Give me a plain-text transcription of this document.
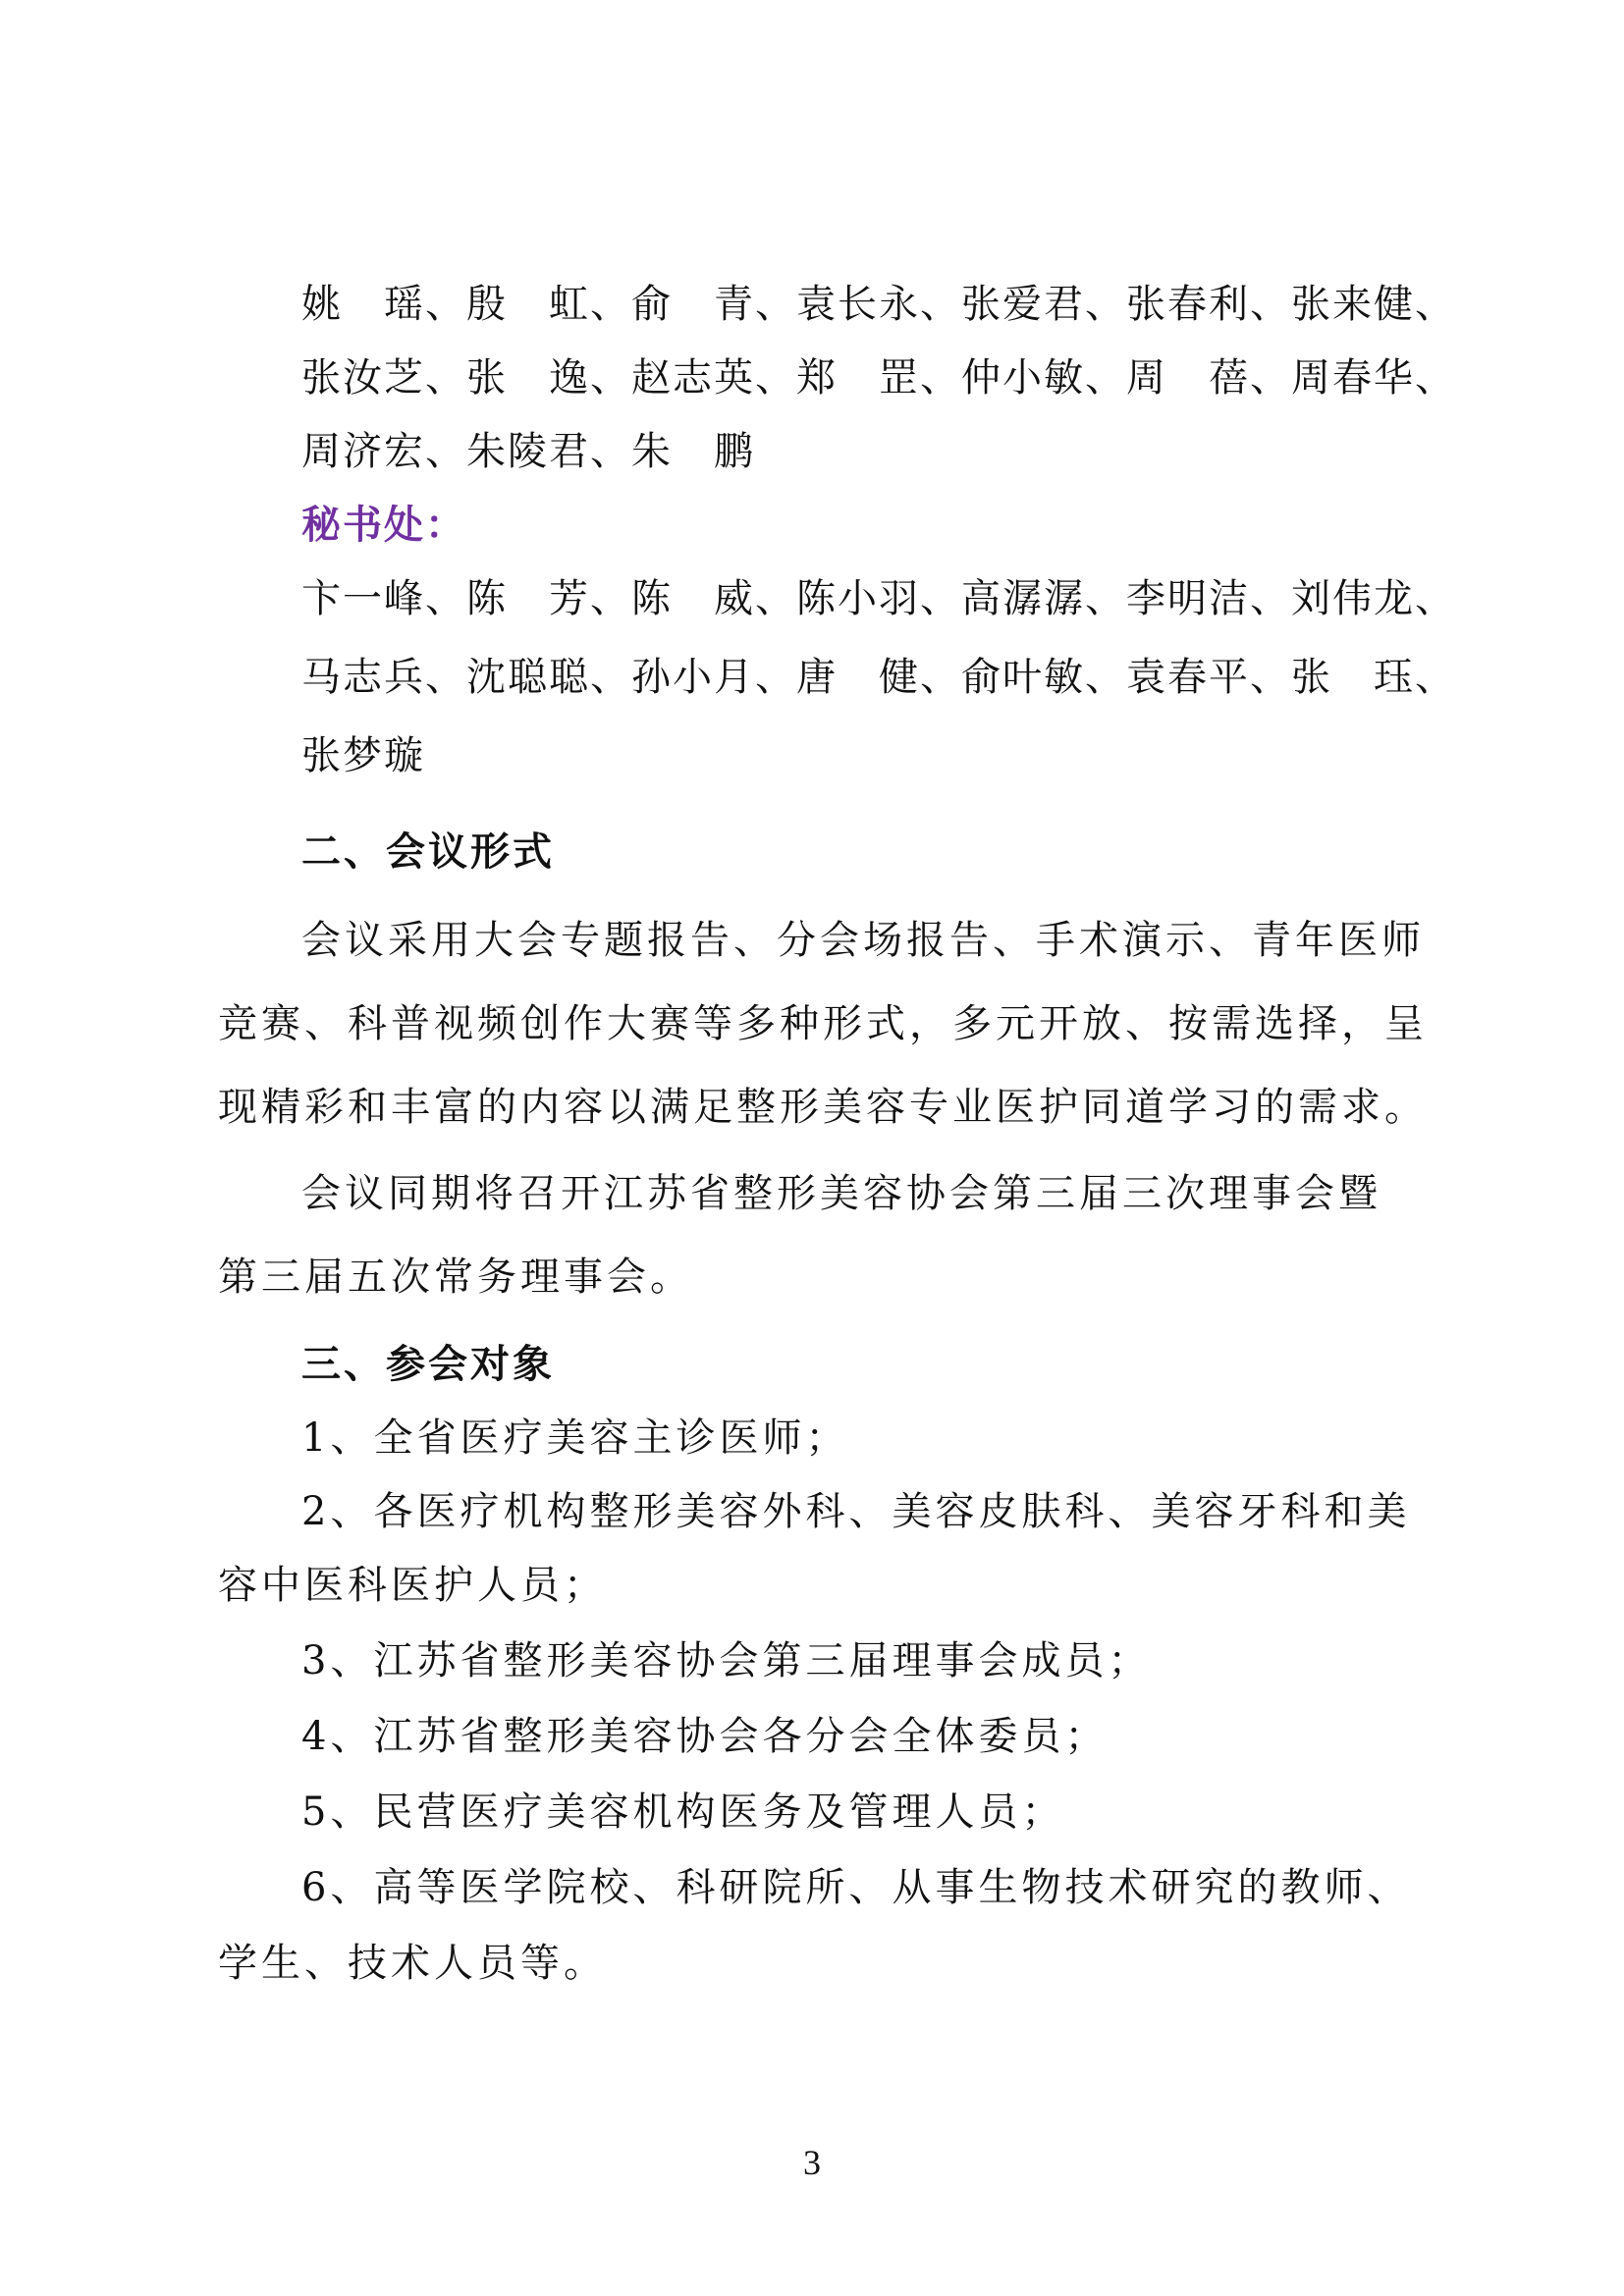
姚　瑶、殷　虹、俞　青、袁长永、张爱君、张春利、张来健、
张汝芝、张　逸、赵志英、郑　罡、仲小敏、周　蓓、周春华、
周济宏、朱陵君、朱　鹏
秘书处：
卞一峰、陈　芳、陈　威、陈小羽、高潺潺、李明洁、刘伟龙、
马志兵、沈聪聪、孙小月、唐　健、俞叶敏、袁春平、张　珏、
张梦璇
二、会议形式
会议采用大会专题报告、分会场报告、手术演示、青年医师
竞赛、科普视频创作大赛等多种形式，多元开放、按需选择，呈
现精彩和丰富的内容以满足整形美容专业医护同道学习的需求。
会议同期将召开江苏省整形美容协会第三届三次理事会暨
第三届五次常务理事会。
三、参会对象
1、全省医疗美容主诊医师；
2、各医疗机构整形美容外科、美容皮肤科、美容牙科和美
容中医科医护人员；
3、江苏省整形美容协会第三届理事会成员；
4、江苏省整形美容协会各分会全体委员；
5、民营医疗美容机构医务及管理人员；
6、高等医学院校、科研院所、从事生物技术研究的教师、
学生、技术人员等。
3
